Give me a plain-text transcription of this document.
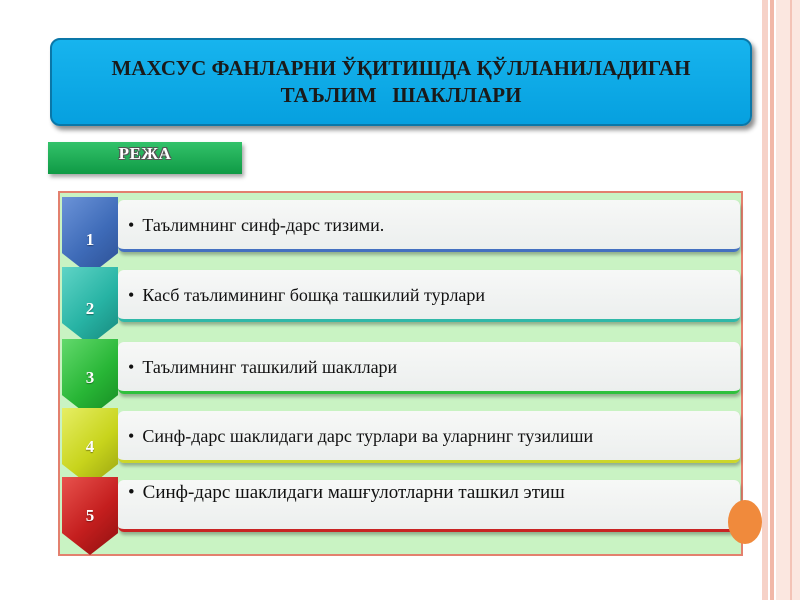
МАХСУС ФАНЛАРНИ ЎҚИТИШДА ҚЎЛЛАНИЛАДИГАН
ТАЪЛИМ   ШАКЛЛАРИ
РЕЖА
• Таълимнинг синф-дарс тизими.
1
• Касб таълимининг бошқа ташкилий турлари
2
• Таълимнинг ташкилий шакллари
3
• Синф-дарс шаклидаги дарс турлари ва уларнинг тузилиши
4
• Синф-дарс шаклидаги машғулотларни ташкил этиш
5
